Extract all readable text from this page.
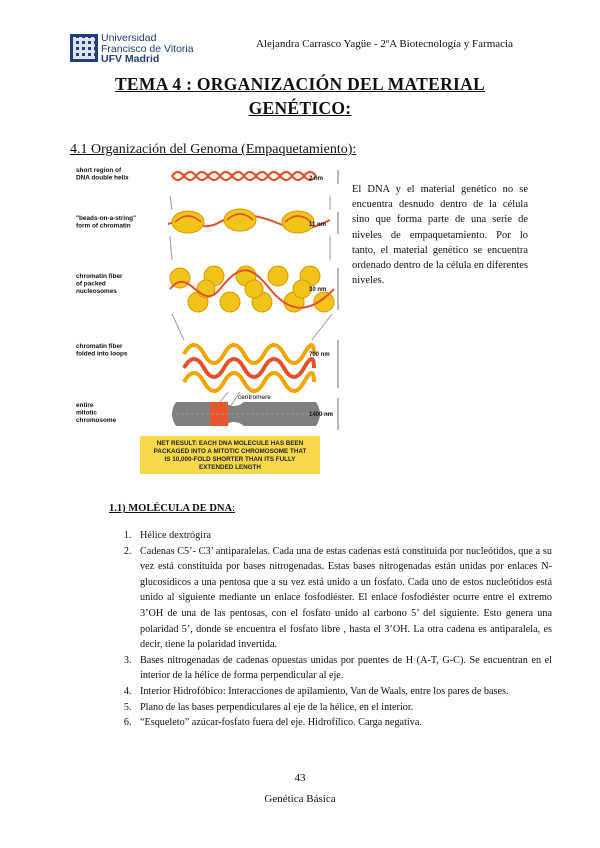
Universidad
Francisco de Vitoria
UFV Madrid
Alejandra Carrasco Yagüe - 2ºA Biotecnología y Farmacia
TEMA 4 : ORGANIZACIÓN DEL MATERIAL
GENÉTICO:
4.1 Organización del Genoma (Empaquetamiento):
centromere
short region of DNA double helix
"beads-on-a-string" form of chromatin
chromatin fiber of packed nucleosomes
chromatin fiber folded into loops
entire mitotic chromosome
2 nm
11 nm
30 nm
700 nm
1400 nm
NET RESULT: EACH DNA MOLECULE HAS BEEN
PACKAGED INTO A MITOTIC CHROMOSOME THAT
IS 10,000-FOLD SHORTER THAN ITS FULLY
EXTENDED LENGTH
El DNA y el material genético no se encuentra desnudo dentro de la célula sino que forma parte de una serie de niveles de empaquetamiento. Por lo tanto, el material genético se encuentra ordenado dentro de la célula en diferentes niveles.
1.1) MOLÉCULA DE DNA:
1. Hélice dextrógira
2. Cadenas C5’- C3’ antiparalelas. Cada una de estas cadenas está constituida por nucleótidos, que a su vez está constituida por bases nitrogenadas. Estas bases nitrogenadas están unidas por enlaces N-glucosídicos a una pentosa que a su vez está unido a un fosfato. Cada uno de estos nucleótidos está unido al siguiente mediante un enlace fosfodiéster. El enlace fosfodiéster ocurre entre el extremo 3’OH de una de las pentosas, con el fosfato unido al carbono 5’ del siguiente. Esto genera una polaridad 5’, donde se encuentra el fosfato libre , hasta el 3’OH. La otra cadena es antiparalela, es decir, tiene la polaridad invertida.
3. Bases nitrogenadas de cadenas opuestas unidas por puentes de H (A-T, G-C). Se encuentran en el interior de la hélice de forma perpendicular al eje.
4. Interior Hidrofóbico: Interacciones de apilamiento, Van de Waals, entre los pares de bases.
5. Plano de las bases perpendiculares al eje de la hélice, en el interior.
6. “Esqueleto” azúcar-fosfato fuera del eje. Hidrofílico. Carga negativa.
43
Genética Básica
